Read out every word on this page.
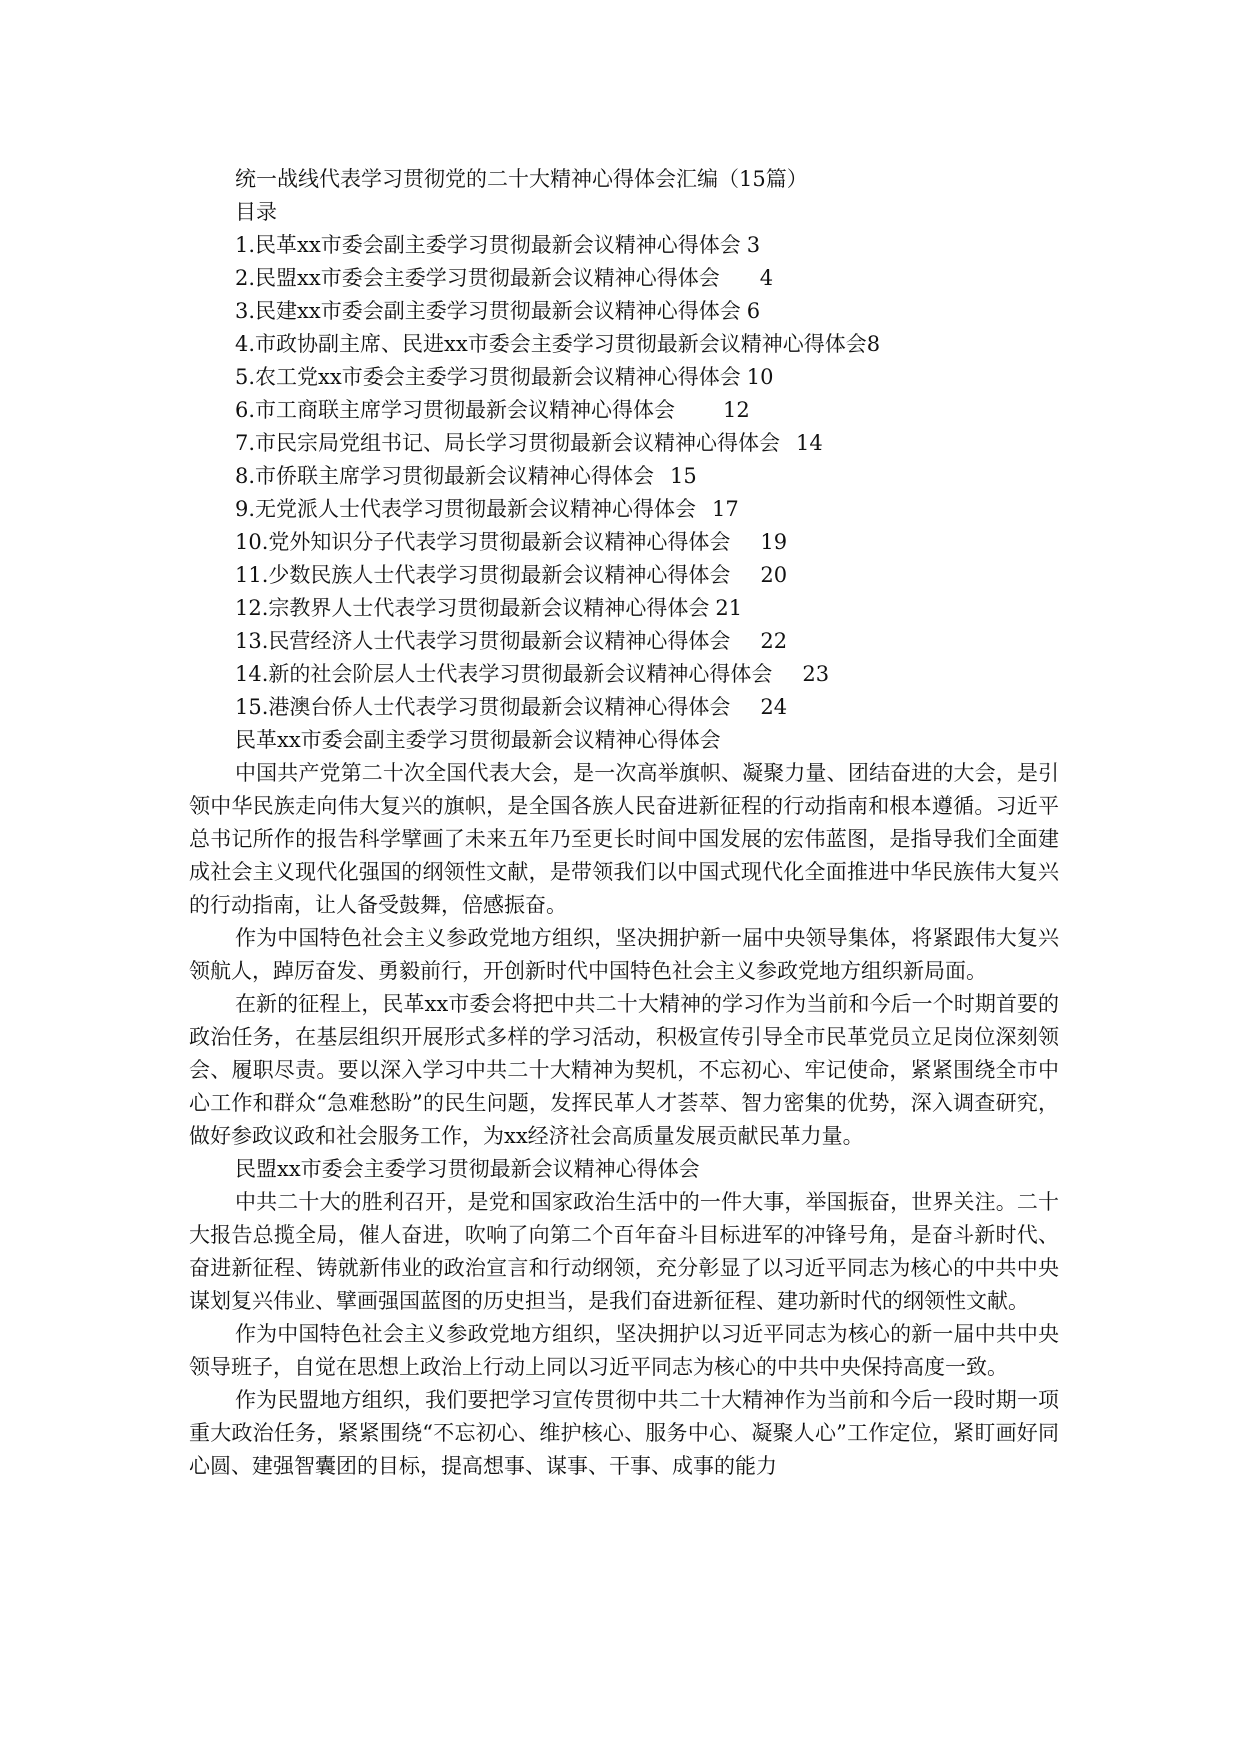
统一战线代表学习贯彻党的二十大精神心得体会汇编（15篇）

目录

1.民革xx市委会副主委学习贯彻最新会议精神心得体会 3
2.民盟xx市委会主委学习贯彻最新会议精神心得体会 4
3.民建xx市委会副主委学习贯彻最新会议精神心得体会 6
4.市政协副主席、民进xx市委会主委学习贯彻最新会议精神心得体会8
5.农工党xx市委会主委学习贯彻最新会议精神心得体会 10
6.市工商联主席学习贯彻最新会议精神心得体会 12
7.市民宗局党组书记、局长学习贯彻最新会议精神心得体会 14
8.市侨联主席学习贯彻最新会议精神心得体会 15
9.无党派人士代表学习贯彻最新会议精神心得体会 17
10.党外知识分子代表学习贯彻最新会议精神心得体会 19
11.少数民族人士代表学习贯彻最新会议精神心得体会 20
12.宗教界人士代表学习贯彻最新会议精神心得体会 21
13.民营经济人士代表学习贯彻最新会议精神心得体会 22
14.新的社会阶层人士代表学习贯彻最新会议精神心得体会 23
15.港澳台侨人士代表学习贯彻最新会议精神心得体会 24

民革xx市委会副主委学习贯彻最新会议精神心得体会

中国共产党第二十次全国代表大会，是一次高举旗帜、凝聚力量、团结奋进的大会，是引领中华民族走向伟大复兴的旗帜，是全国各族人民奋进新征程的行动指南和根本遵循。习近平总书记所作的报告科学擘画了未来五年乃至更长时间中国发展的宏伟蓝图，是指导我们全面建成社会主义现代化强国的纲领性文献，是带领我们以中国式现代化全面推进中华民族伟大复兴的行动指南，让人备受鼓舞，倍感振奋。

作为中国特色社会主义参政党地方组织，坚决拥护新一届中央领导集体，将紧跟伟大复兴领航人，踔厉奋发、勇毅前行，开创新时代中国特色社会主义参政党地方组织新局面。

在新的征程上，民革xx市委会将把中共二十大精神的学习作为当前和今后一个时期首要的政治任务，在基层组织开展形式多样的学习活动，积极宣传引导全市民革党员立足岗位深刻领会、履职尽责。要以深入学习中共二十大精神为契机，不忘初心、牢记使命，紧紧围绕全市中心工作和群众“急难愁盼”的民生问题，发挥民革人才荟萃、智力密集的优势，深入调查研究，做好参政议政和社会服务工作，为xx经济社会高质量发展贡献民革力量。

民盟xx市委会主委学习贯彻最新会议精神心得体会

中共二十大的胜利召开，是党和国家政治生活中的一件大事，举国振奋，世界关注。二十大报告总揽全局，催人奋进，吹响了向第二个百年奋斗目标进军的冲锋号角，是奋斗新时代、奋进新征程、铸就新伟业的政治宣言和行动纲领，充分彰显了以习近平同志为核心的中共中央谋划复兴伟业、擘画强国蓝图的历史担当，是我们奋进新征程、建功新时代的纲领性文献。

作为中国特色社会主义参政党地方组织，坚决拥护以习近平同志为核心的新一届中共中央领导班子，自觉在思想上政治上行动上同以习近平同志为核心的中共中央保持高度一致。

作为民盟地方组织，我们要把学习宣传贯彻中共二十大精神作为当前和今后一段时期一项重大政治任务，紧紧围绕“不忘初心、维护核心、服务中心、凝聚人心”工作定位，紧盯画好同心圆、建强智囊团的目标，提高想事、谋事、干事、成事的能力
